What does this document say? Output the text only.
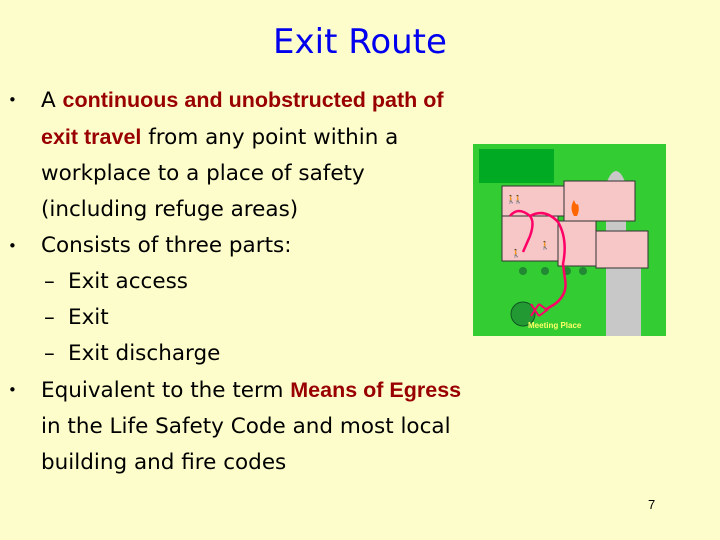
Exit Route
• A continuous and unobstructed path of exit travel from any point within a workplace to a place of safety (including refuge areas)
• Consists of three parts:
– Exit access
– Exit
– Exit discharge
• Equivalent to the term Means of Egress in the Life Safety Code and most local building and fire codes
🚶
🚶
🚶
🚶
Meeting Place
7
